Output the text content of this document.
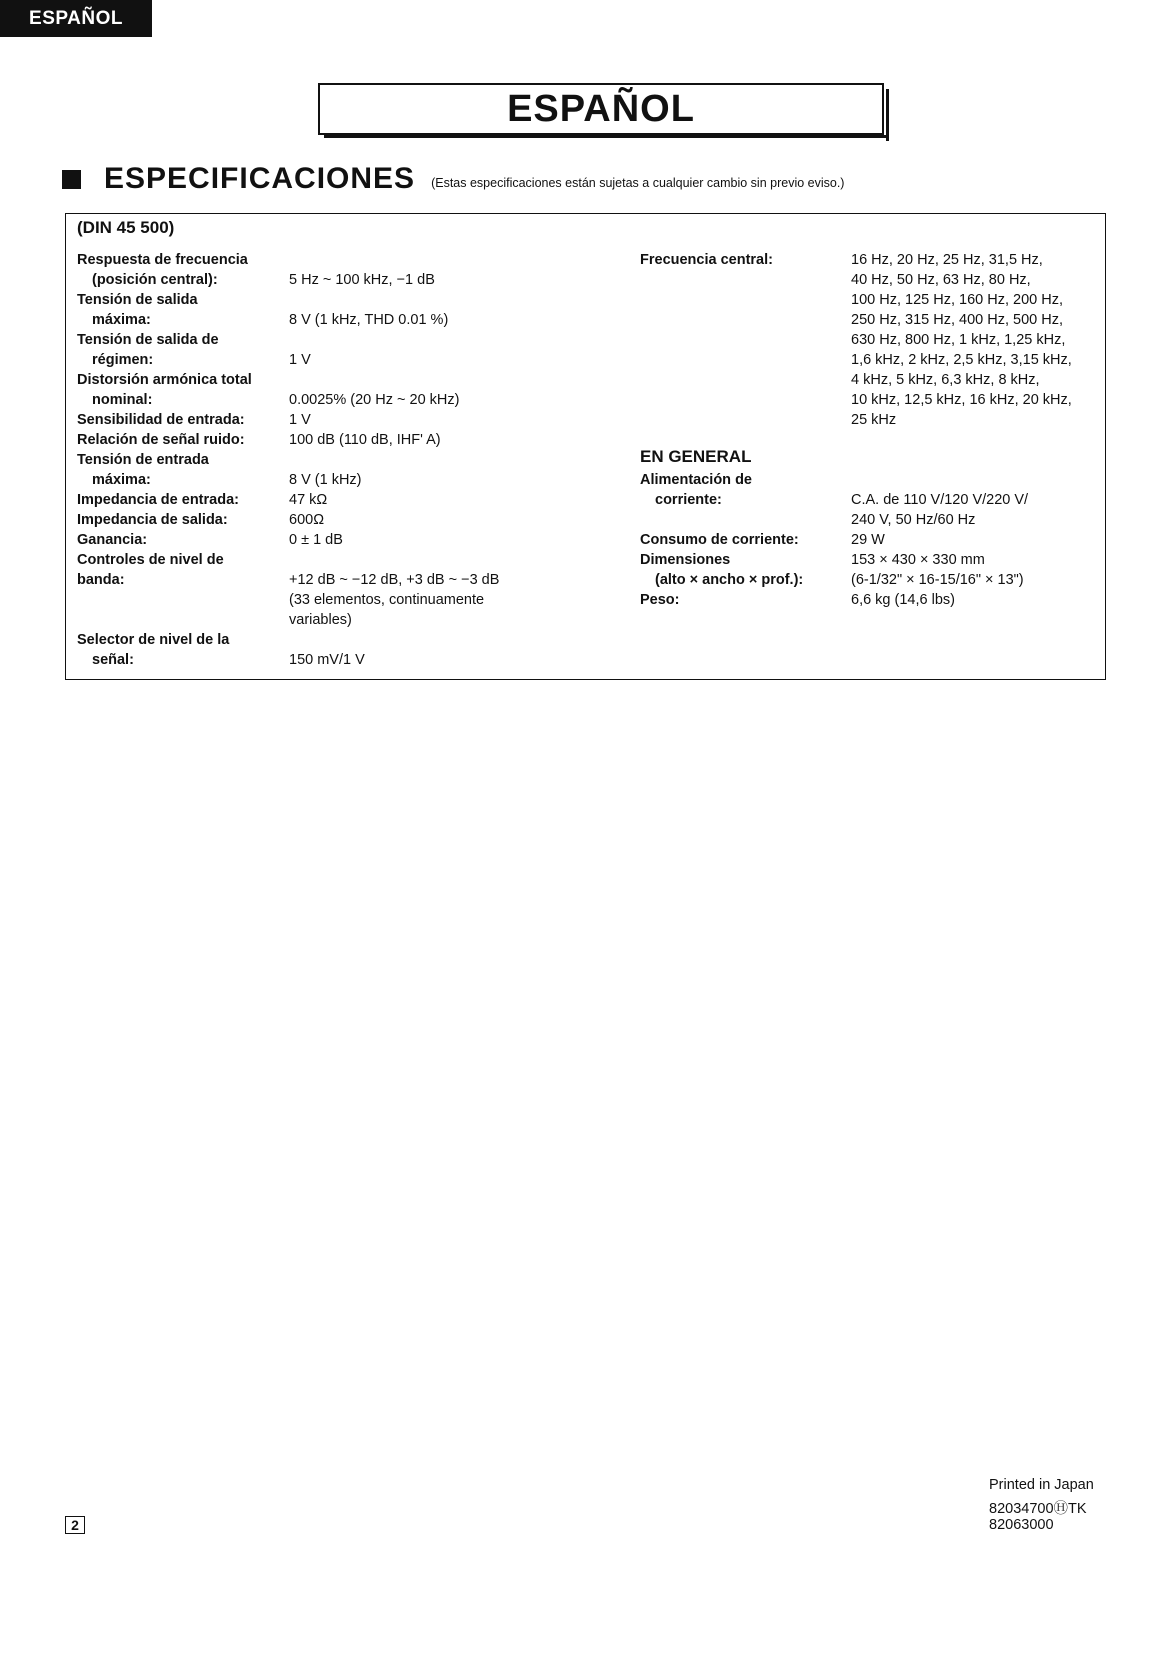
ESPAÑOL
ESPAÑOL
ESPECIFICACIONES (Estas especificaciones están sujetas a cualquier cambio sin previo eviso.)
(DIN 45 500)
Respuesta de frecuencia
(posición central):	5 Hz ~ 100 kHz, −1 dB
Tensión de salida
máxima:	8 V (1 kHz, THD 0.01 %)
Tensión de salida de
régimen:	1 V
Distorsión armónica total
nominal:	0.0025% (20 Hz ~ 20 kHz)
Sensibilidad de entrada:	1 V
Relación de señal ruido:	100 dB (110 dB, IHF' A)
Tensión de entrada
máxima:	8 V (1 kHz)
Impedancia de entrada:	47 kΩ
Impedancia de salida:	600Ω
Ganancia:	0 ± 1 dB
Controles de nivel de
banda:	+12 dB ~ −12 dB, +3 dB ~ −3 dB
(33 elementos, continuamente
variables)
Selector de nivel de la
señal:	150 mV/1 V
Frecuencia central:	16 Hz, 20 Hz, 25 Hz, 31,5 Hz,
40 Hz, 50 Hz, 63 Hz, 80 Hz,
100 Hz, 125 Hz, 160 Hz, 200 Hz,
250 Hz, 315 Hz, 400 Hz, 500 Hz,
630 Hz, 800 Hz, 1 kHz, 1,25 kHz,
1,6 kHz, 2 kHz, 2,5 kHz, 3,15 kHz,
4 kHz, 5 kHz, 6,3 kHz, 8 kHz,
10 kHz, 12,5 kHz, 16 kHz, 20 kHz,
25 kHz
EN GENERAL
Alimentación de
corriente:	C.A. de 110 V/120 V/220 V/
240 V, 50 Hz/60 Hz
Consumo de corriente:	29 W
Dimensiones	153 × 430 × 330 mm
(alto × ancho × prof.):	(6-1/32" × 16-15/16" × 13")
Peso:	6,6 kg (14,6 lbs)
2
Printed in Japan
82034700ⒽTK
82063000
